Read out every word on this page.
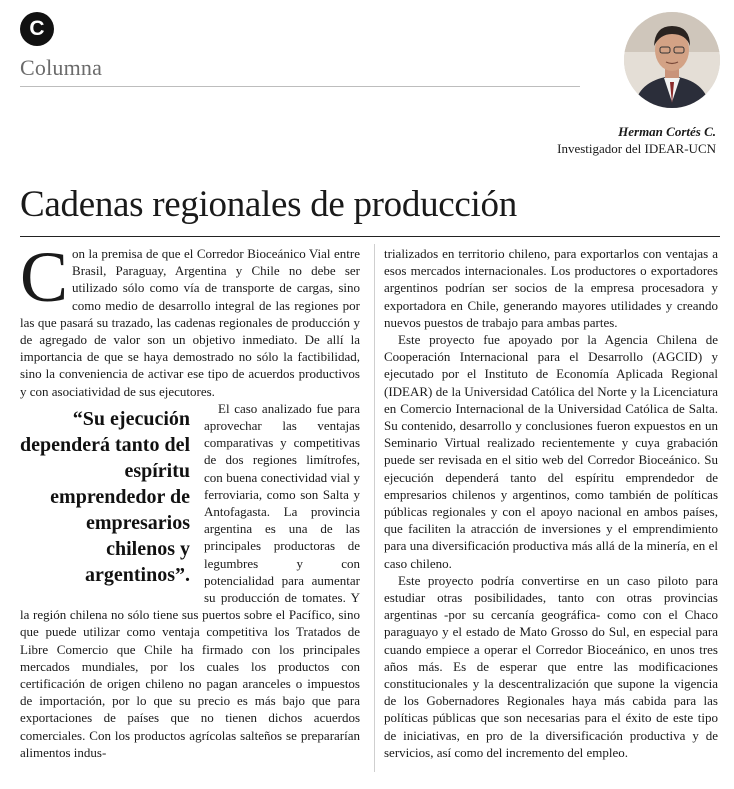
C
Columna
Herman Cortés C.
Investigador del IDEAR-UCN
Cadenas regionales de producción

Con la premisa de que el Corredor Bioceánico Vial entre Brasil, Paraguay, Argentina y Chile no debe ser utilizado sólo como vía de transporte de cargas, sino como medio de desarrollo integral de las regiones por las que pasará su trazado, las cadenas regionales de producción y de agregado de valor son un objetivo inmediato. De allí la importancia de que se haya demostrado no sólo la factibilidad, sino la conveniencia de activar ese tipo de acuerdos productivos y con asociatividad de sus ejecutores.

“Su ejecución dependerá tanto del espíritu emprendedor de empresarios chilenos y argentinos”.
El caso analizado fue para aprovechar las ventajas comparativas y competitivas de dos regiones limítrofes, con buena conectividad vial y ferroviaria, como son Salta y Antofagasta. La provincia argentina es una de las principales productoras de legumbres y con potencialidad para aumentar su producción de tomates. Y la región chilena no sólo tiene sus puertos sobre el Pacífico, sino que puede utilizar como ventaja competitiva los Tratados de Libre Comercio que Chile ha firmado con los principales mercados mundiales, por los cuales los productos con certificación de origen chileno no pagan aranceles o impuestos de importación, por lo que su precio es más bajo que para exportaciones de países que no tienen dichos acuerdos comerciales. Con los productos agrícolas salteños se prepararían alimentos indus-

trializados en territorio chileno, para exportarlos con ventajas a esos mercados internacionales. Los productores o exportadores argentinos podrían ser socios de la empresa procesadora y exportadora en Chile, generando mayores utilidades y creando nuevos puestos de trabajo para ambas partes.

Este proyecto fue apoyado por la Agencia Chilena de Cooperación Internacional para el Desarrollo (AGCID) y ejecutado por el Instituto de Economía Aplicada Regional (IDEAR) de la Universidad Católica del Norte y la Licenciatura en Comercio Internacional de la Universidad Católica de Salta. Su contenido, desarrollo y conclusiones fueron expuestos en un Seminario Virtual realizado recientemente y cuya grabación puede ser revisada en el sitio web del Corredor Bioceánico. Su ejecución dependerá tanto del espíritu emprendedor de empresarios chilenos y argentinos, como también de políticas públicas regionales y con el apoyo nacional en ambos países, que faciliten la atracción de inversiones y el emprendimiento para una diversificación productiva más allá de la minería, en el caso chileno.

Este proyecto podría convertirse en un caso piloto para estudiar otras posibilidades, tanto con otras provincias argentinas -por su cercanía geográfica- como con el Chaco paraguayo y el estado de Mato Grosso do Sul, en especial para cuando empiece a operar el Corredor Bioceánico, en unos tres años más. Es de esperar que entre las modificaciones constitucionales y la descentralización que supone la vigencia de los Gobernadores Regionales haya más cabida para las políticas públicas que son necesarias para el éxito de este tipo de iniciativas, en pro de la diversificación productiva y de servicios, así como del incremento del empleo.
